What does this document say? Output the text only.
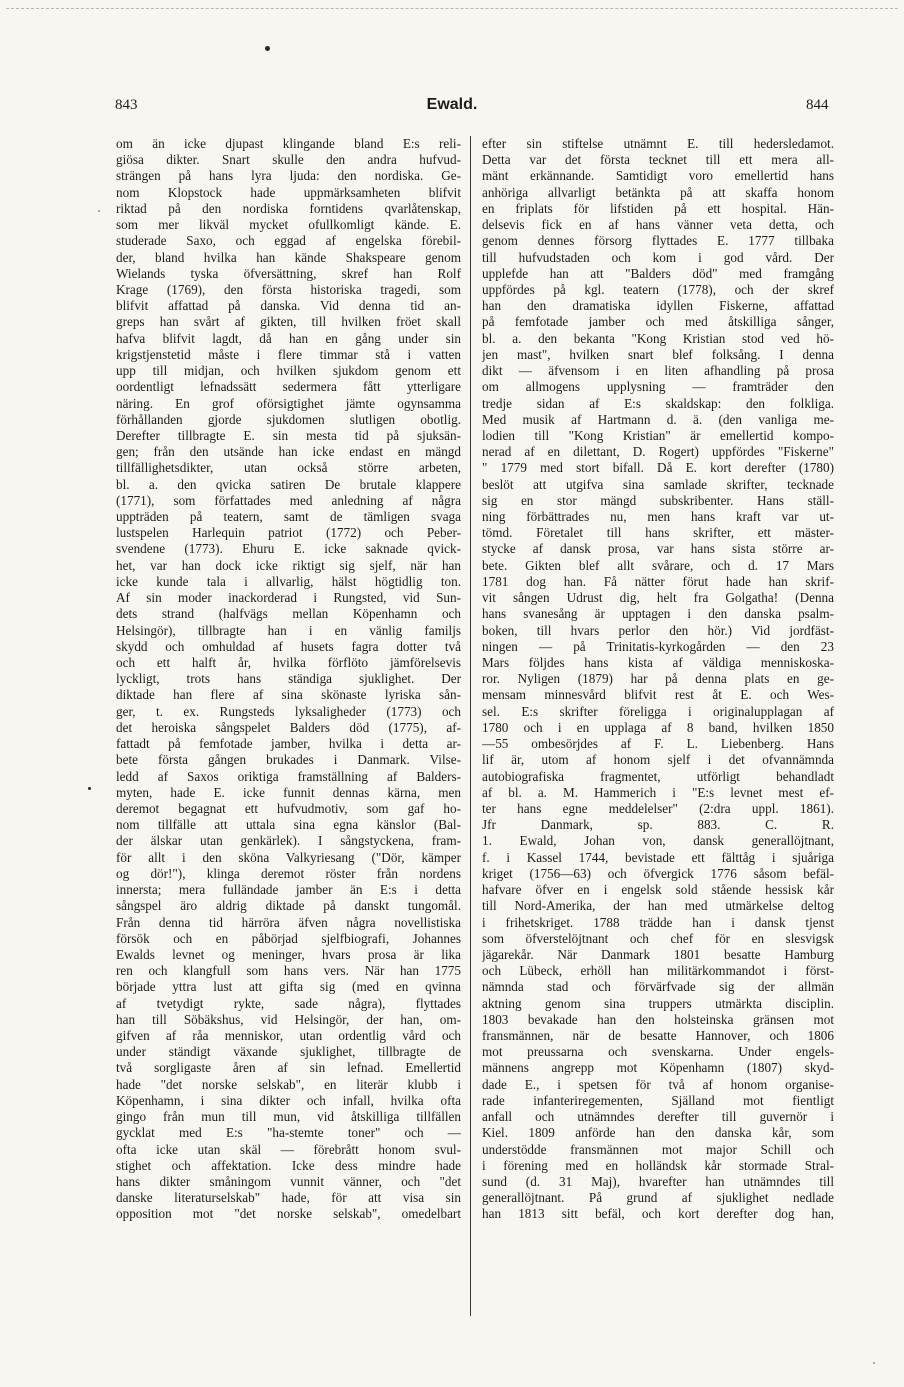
843	Ewald.	844
om än icke djupast klingande bland E:s reli-
giösa dikter. Snart skulle den andra hufvud-
strängen på hans lyra ljuda: den nordiska. Ge-
nom Klopstock hade uppmärksamheten blifvit
riktad på den nordiska forntidens qvarlåtenskap,
som mer likväl mycket ofullkomligt kände. E.
studerade Saxo, och eggad af engelska förebil-
der, bland hvilka han kände Shakspeare genom
Wielands tyska öfversättning, skref han Rolf
Krage (1769), den första historiska tragedi, som
blifvit affattad på danska. Vid denna tid an-
greps han svårt af gikten, till hvilken fröet skall
hafva blifvit lagdt, då han en gång under sin
krigstjenstetid måste i flere timmar stå i vatten
upp till midjan, och hvilken sjukdom genom ett
oordentligt lefnadssätt sedermera fått ytterligare
näring. En grof oförsigtighet jämte ogynsamma
förhållanden gjorde sjukdomen slutligen obotlig.
Derefter tillbragte E. sin mesta tid på sjuksän-
gen; från den utsände han icke endast en mängd
tillfällighetsdikter, utan också större arbeten,
bl. a. den qvicka satiren De brutale klappere
(1771), som författades med anledning af några
uppträden på teatern, samt de tämligen svaga
lustspelen Harlequin patriot (1772) och Peber-
svendene (1773). Ehuru E. icke saknade qvick-
het, var han dock icke riktigt sig sjelf, när han
icke kunde tala i allvarlig, hälst högtidlig ton.
Af sin moder inackorderad i Rungsted, vid Sun-
dets strand (halfvägs mellan Köpenhamn och
Helsingör), tillbragte han i en vänlig familjs
skydd och omhuldad af husets fagra dotter två
och ett halft år, hvilka förflöto jämförelsevis
lyckligt, trots hans ständiga sjuklighet. Der
diktade han flere af sina skönaste lyriska sån-
ger, t. ex. Rungsteds lyksaligheder (1773) och
det heroiska sångspelet Balders död (1775), af-
fattadt på femfotade jamber, hvilka i detta ar-
bete första gången brukades i Danmark. Vilse-
ledd af Saxos oriktiga framställning af Balders-
myten, hade E. icke funnit dennas kärna, men
deremot begagnat ett hufvudmotiv, som gaf ho-
nom tillfälle att uttala sina egna känslor (Bal-
der älskar utan genkärlek). I sångstyckena, fram-
för allt i den sköna Valkyriesang ("Dör, kämper
og dör!"), klinga deremot röster från nordens
innersta; mera fulländade jamber än E:s i detta
sångspel äro aldrig diktade på danskt tungomål.
Från denna tid härröra äfven några novellistiska
försök och en påbörjad sjelfbiografi, Johannes
Ewalds levnet og meninger, hvars prosa är lika
ren och klangfull som hans vers. När han 1775
började yttra lust att gifta sig (med en qvinna
af tvetydigt rykte, sade några), flyttades
han till Söbäkshus, vid Helsingör, der han, om-
gifven af råa menniskor, utan ordentlig vård och
under ständigt växande sjuklighet, tillbragte de
två sorgligaste åren af sin lefnad. Emellertid
hade "det norske selskab", en literär klubb i
Köpenhamn, i sina dikter och infall, hvilka ofta
gingo från mun till mun, vid åtskilliga tillfällen
gycklat med E:s "ha-stemte toner" och —
ofta icke utan skäl — förebrått honom svul-
stighet och affektation. Icke dess mindre hade
hans dikter småningom vunnit vänner, och "det
danske literaturselskab" hade, för att visa sin
opposition mot "det norske selskab", omedelbart
efter sin stiftelse utnämnt E. till hedersledamot.
Detta var det första tecknet till ett mera all-
mänt erkännande. Samtidigt voro emellertid hans
anhöriga allvarligt betänkta på att skaffa honom
en friplats för lifstiden på ett hospital. Hän-
delsevis fick en af hans vänner veta detta, och
genom dennes försorg flyttades E. 1777 tillbaka
till hufvudstaden och kom i god vård. Der
upplefde han att "Balders död" med framgång
uppfördes på kgl. teatern (1778), och der skref
han den dramatiska idyllen Fiskerne, affattad
på femfotade jamber och med åtskilliga sånger,
bl. a. den bekanta "Kong Kristian stod ved hö-
jen mast", hvilken snart blef folksång. I denna
dikt — äfvensom i en liten afhandling på prosa
om allmogens upplysning — framträder den
tredje sidan af E:s skaldskap: den folkliga.
Med musik af Hartmann d. ä. (den vanliga me-
lodien till "Kong Kristian" är emellertid kompo-
nerad af en dilettant, D. Rogert) uppfördes "Fiskerne"
" 1779 med stort bifall. Då E. kort derefter (1780)
beslöt att utgifva sina samlade skrifter, tecknade
sig en stor mängd subskribenter. Hans ställ-
ning förbättrades nu, men hans kraft var ut-
tömd. Företalet till hans skrifter, ett mäster-
stycke af dansk prosa, var hans sista större ar-
bete. Gikten blef allt svårare, och d. 17 Mars
1781 dog han. Få nätter förut hade han skrif-
vit sången Udrust dig, helt fra Golgatha! (Denna
hans svanesång är upptagen i den danska psalm-
boken, till hvars perlor den hör.) Vid jordfäst-
ningen — på Trinitatis-kyrkogården — den 23
Mars följdes hans kista af väldiga menniskoska-
ror. Nyligen (1879) har på denna plats en ge-
mensam minnesvård blifvit rest åt E. och Wes-
sel. E:s skrifter föreligga i originalupplagan af
1780 och i en upplaga af 8 band, hvilken 1850
—55 ombesörjdes af F. L. Liebenberg. Hans
lif är, utom af honom sjelf i det ofvannämnda
autobiografiska fragmentet, utförligt behandladt
af bl. a. M. Hammerich i "E:s levnet mest ef-
ter hans egne meddelelser" (2:dra uppl. 1861).
Jfr Danmark, sp. 883. C. R.
1. Ewald, Johan von, dansk generallöjtnant,
f. i Kassel 1744, bevistade ett fälttåg i sjuåriga
kriget (1756—63) och öfvergick 1776 såsom befäl-
hafvare öfver en i engelsk sold stående hessisk kår
till Nord-Amerika, der han med utmärkelse deltog
i frihetskriget. 1788 trädde han i dansk tjenst
som öfverstelöjtnant och chef för en slesvigsk
jägarekår. När Danmark 1801 besatte Hamburg
och Lübeck, erhöll han militärkommandot i först-
nämnda stad och förvärfvade sig der allmän
aktning genom sina truppers utmärkta disciplin.
1803 bevakade han den holsteinska gränsen mot
fransmännen, när de besatte Hannover, och 1806
mot preussarna och svenskarna. Under engels-
männens angrepp mot Köpenhamn (1807) skyd-
dade E., i spetsen för två af honom organise-
rade infanteriregementen, Själland mot fientligt
anfall och utnämndes derefter till guvernör i
Kiel. 1809 anförde han den danska kår, som
understödde fransmännen mot major Schill och
i förening med en holländsk kår stormade Stral-
sund (d. 31 Maj), hvarefter han utnämndes till
generallöjtnant. På grund af sjuklighet nedlade
han 1813 sitt befäl, och kort derefter dog han,
